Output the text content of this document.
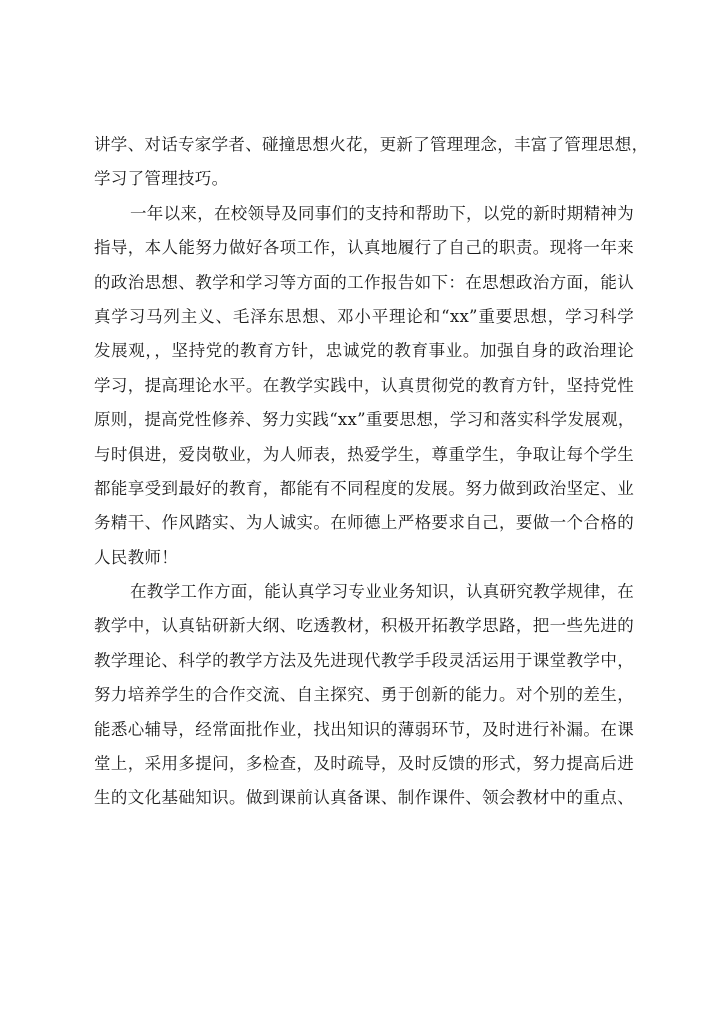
讲学、对话专家学者、碰撞思想火花，更新了管理理念，丰富了管理思想，
学习了管理技巧。
一年以来，在校领导及同事们的支持和帮助下，以党的新时期精神为
指导，本人能努力做好各项工作，认真地履行了自己的职责。现将一年来
的政治思想、教学和学习等方面的工作报告如下：在思想政治方面，能认
真学习马列主义、毛泽东思想、邓小平理论和“xx”重要思想，学习科学
发展观，，坚持党的教育方针，忠诚党的教育事业。加强自身的政治理论
学习，提高理论水平。在教学实践中，认真贯彻党的教育方针，坚持党性
原则，提高党性修养、努力实践“xx”重要思想，学习和落实科学发展观，
与时俱进，爱岗敬业，为人师表，热爱学生，尊重学生，争取让每个学生
都能享受到最好的教育，都能有不同程度的发展。努力做到政治坚定、业
务精干、作风踏实、为人诚实。在师德上严格要求自己，要做一个合格的
人民教师！
在教学工作方面，能认真学习专业业务知识，认真研究教学规律，在
教学中，认真钻研新大纲、吃透教材，积极开拓教学思路，把一些先进的
教学理论、科学的教学方法及先进现代教学手段灵活运用于课堂教学中，
努力培养学生的合作交流、自主探究、勇于创新的能力。对个别的差生，
能悉心辅导，经常面批作业，找出知识的薄弱环节，及时进行补漏。在课
堂上，采用多提问，多检查，及时疏导，及时反馈的形式，努力提高后进
生的文化基础知识。做到课前认真备课、制作课件、领会教材中的重点、
